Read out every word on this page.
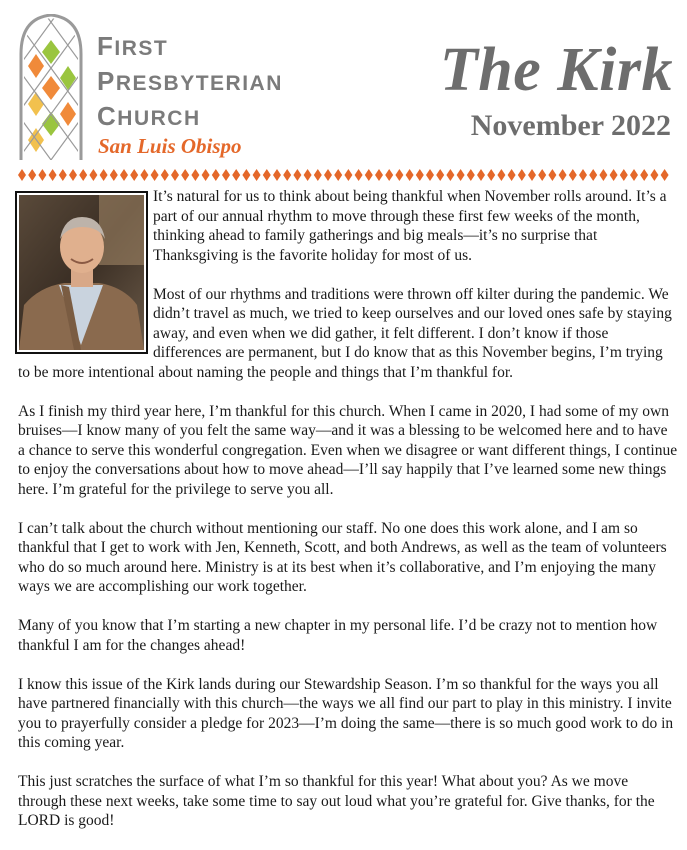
FIRST
PRESBYTERIAN
CHURCH
San Luis Obispo
The Kirk
November 2022

It’s natural for us to think about being thankful when November rolls around. It’s a part of our annual rhythm to move through these first few weeks of the month, thinking ahead to family gatherings and big meals—it’s no surprise that Thanksgiving is the favorite holiday for most of us.

Most of our rhythms and traditions were thrown off kilter during the pandemic. We didn’t travel as much, we tried to keep ourselves and our loved ones safe by staying away, and even when we did gather, it felt different. I don’t know if those differences are permanent, but I do know that as this November begins, I’m trying to be more intentional about naming the people and things that I’m thankful for.

As I finish my third year here, I’m thankful for this church. When I came in 2020, I had some of my own bruises—I know many of you felt the same way—and it was a blessing to be welcomed here and to have a chance to serve this wonderful congregation. Even when we disagree or want different things, I continue to enjoy the conversations about how to move ahead—I’ll say happily that I’ve learned some new things here. I’m grateful for the privilege to serve you all.

I can’t talk about the church without mentioning our staff. No one does this work alone, and I am so thankful that I get to work with Jen, Kenneth, Scott, and both Andrews, as well as the team of volunteers who do so much around here. Ministry is at its best when it’s collaborative, and I’m enjoying the many ways we are accomplishing our work together.

Many of you know that I’m starting a new chapter in my personal life. I’d be crazy not to mention how thankful I am for the changes ahead!

I know this issue of the Kirk lands during our Stewardship Season. I’m so thankful for the ways you all have partnered financially with this church—the ways we all find our part to play in this ministry. I invite you to prayerfully consider a pledge for 2023—I’m doing the same—there is so much good work to do in this coming year.

This just scratches the surface of what I’m so thankful for this year! What about you? As we move through these next weeks, take some time to say out loud what you’re grateful for. Give thanks, for the LORD is good!
